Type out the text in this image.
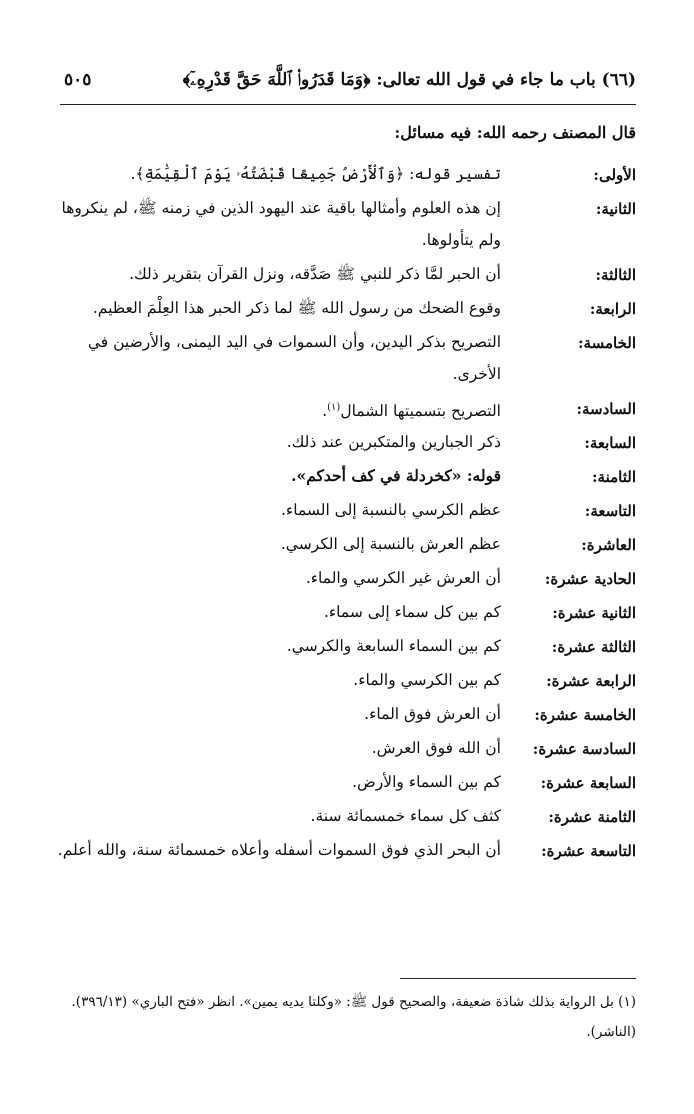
(٦٦) باب ما جاء في قول الله تعالى: ﴿وَمَا قَدَرُوا۟ ٱللَّهَ حَقَّ قَدْرِهِۦٓ﴾
٥٠٥
قال المصنف رحمه الله: فيه مسائل:
الأولى:
تفسير قوله: ﴿وَٱلْأَرْضُ جَمِيعًا قَبْضَتُهُۥ يَوْمَ ٱلْقِيَٰمَةِ﴾.
الثانية:
إن هذه العلوم وأمثالها باقية عند اليهود الذين في زمنه ﷺ، لم ينكروها ولم يتأولوها.
الثالثة:
أن الحبر لمَّا ذكر للنبي ﷺ صَدَّقه، ونزل القرآن بتقرير ذلك.
الرابعة:
وقوع الضحك من رسول الله ﷺ لما ذكر الحبر هذا العِلْمَ العظيم.
الخامسة:
التصريح بذكر اليدين، وأن السموات في اليد اليمنى، والأرضين في الأخرى.
السادسة:
التصريح بتسميتها الشمال$^{(١)}$.
السابعة:
ذكر الجبارين والمتكبرين عند ذلك.
الثامنة:
قوله: «كخردلة في كف أحدكم».
التاسعة:
عظم الكرسي بالنسبة إلى السماء.
العاشرة:
عظم العرش بالنسبة إلى الكرسي.
الحادية عشرة:
أن العرش غير الكرسي والماء.
الثانية عشرة:
كم بين كل سماء إلى سماء.
الثالثة عشرة:
كم بين السماء السابعة والكرسي.
الرابعة عشرة:
كم بين الكرسي والماء.
الخامسة عشرة:
أن العرش فوق الماء.
السادسة عشرة:
أن الله فوق العرش.
السابعة عشرة:
كم بين السماء والأرض.
الثامنة عشرة:
كثف كل سماء خمسمائة سنة.
التاسعة عشرة:
أن البحر الذي فوق السموات أسفله وأعلاه خمسمائة سنة، والله أعلم.
(١) بل الرواية بذلك شاذة ضعيفة، والصحيح قول ﷺ: «وكلتا يديه يمين». انظر «فتح الباري» (٣٩٦/١٣). (الناشر).
